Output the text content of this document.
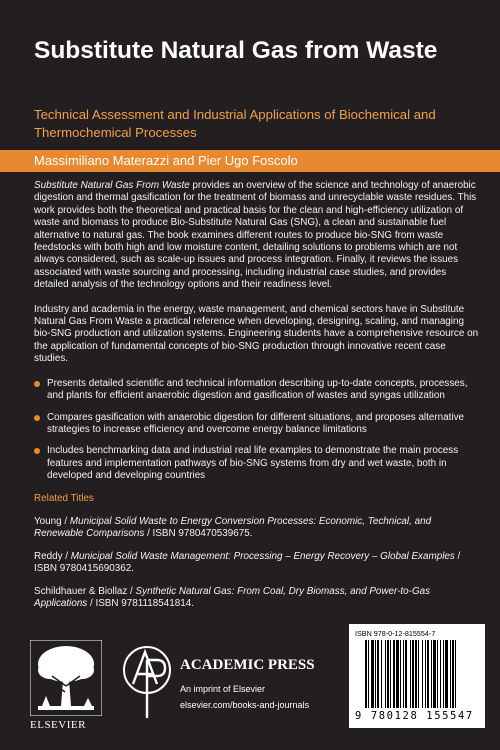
Substitute Natural Gas from Waste
Technical Assessment and Industrial Applications of Biochemical and Thermochemical Processes
Massimiliano Materazzi and Pier Ugo Foscolo

Substitute Natural Gas From Waste provides an overview of the science and technology of anaerobic digestion and thermal gasification for the treatment of biomass and unrecyclable waste residues. This work provides both the theoretical and practical basis for the clean and high-efficiency utilization of waste and biomass to produce Bio-Substitute Natural Gas (SNG), a clean and sustainable fuel alternative to natural gas. The book examines different routes to produce bio-SNG from waste feedstocks with both high and low moisture content, detailing solutions to problems which are not always considered, such as scale-up issues and process integration. Finally, it reviews the issues associated with waste sourcing and processing, including industrial case studies, and provides detailed analysis of the technology options and their readiness level.

Industry and academia in the energy, waste management, and chemical sectors have in Substitute Natural Gas From Waste a practical reference when developing, designing, scaling, and managing bio-SNG production and utilization systems. Engineering students have a comprehensive resource on the application of fundamental concepts of bio-SNG production through innovative recent case studies.

Presents detailed scientific and technical information describing up-to-date concepts, processes, and plants for efficient anaerobic digestion and gasification of wastes and syngas utilization
Compares gasification with anaerobic digestion for different situations, and proposes alternative strategies to increase efficiency and overcome energy balance limitations
Includes benchmarking data and industrial real life examples to demonstrate the main process features and implementation pathways of bio-SNG systems from dry and wet waste, both in developed and developing countries
Related Titles
Young / Municipal Solid Waste to Energy Conversion Processes: Economic, Technical, and Renewable Comparisons / ISBN 9780470539675.
Reddy / Municipal Solid Waste Management: Processing – Energy Recovery – Global Examples / ISBN 9780415690362.
Schildhauer & Biollaz / Synthetic Natural Gas: From Coal, Dry Biomass, and Power-to-Gas Applications / ISBN 9781118541814.
ELSEVIER
ACADEMIC PRESS
An imprint of Elsevier
elsevier.com/books-and-journals
ISBN 978-0-12-815554-7
9 780128 155547
